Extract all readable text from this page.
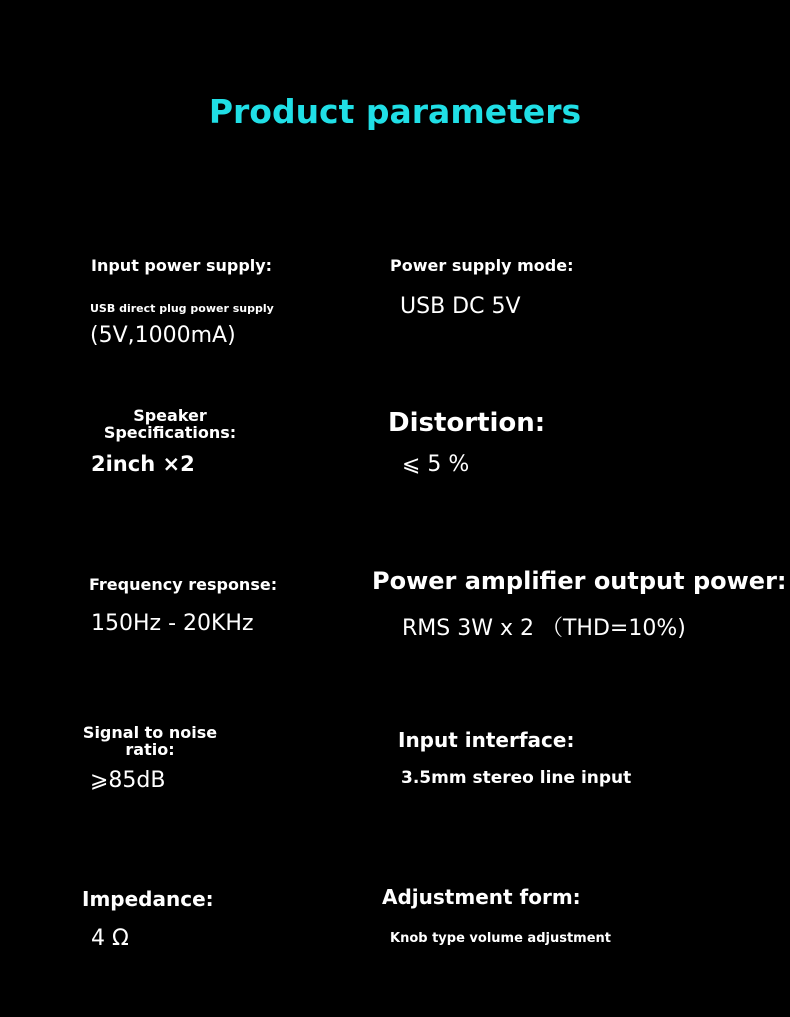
Product parameters
Input power supply:
USB direct plug power supply
(5V,1000mA)
Power supply mode:
USB DC 5V
Speaker
Specifications:
2inch ×2
Distortion:
⩽ 5 %
Frequency response:
150Hz - 20KHz
Power amplifier output power:
RMS 3W x 2 （THD=10%)
Signal to noise
ratio:
⩾85dB
Input interface:
3.5mm stereo line input
Impedance:
4 Ω
Adjustment form:
Knob type volume adjustment
